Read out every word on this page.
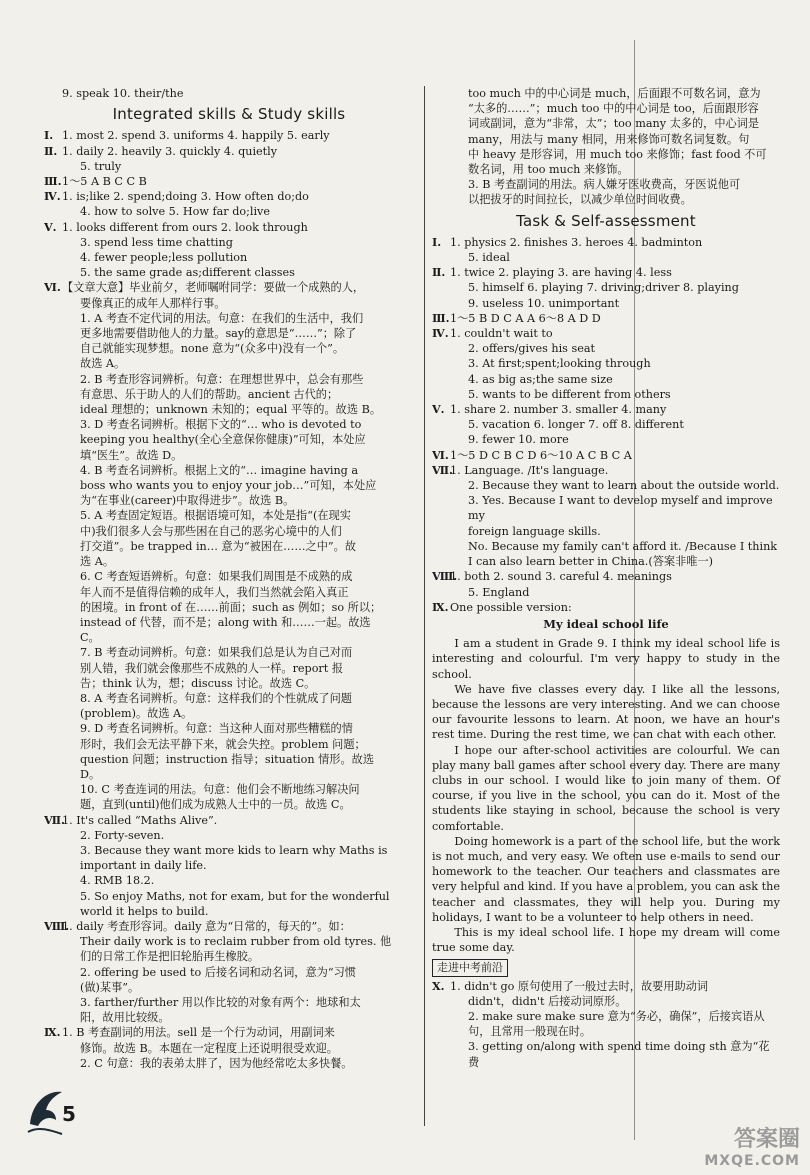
9. speak 10. their/the
Integrated skills & Study skills
Ⅰ. 1. most 2. spend 3. uniforms 4. happily 5. early
Ⅱ. 1. daily 2. heavily 3. quickly 4. quietly
5. truly
Ⅲ. 1～5 A B C C B
Ⅳ. 1. is;like 2. spend;doing 3. How often do;do
4. how to solve 5. How far do;live
Ⅴ. 1. looks different from ours 2. look through
3. spend less time chatting
4. fewer people;less pollution
5. the same grade as;different classes
Ⅵ. 【文章大意】毕业前夕，老师嘱咐同学：要做一个成熟的人，
要像真正的成年人那样行事。
1. A 考查不定代词的用法。句意：在我们的生活中，我们
更多地需要借助他人的力量。say的意思是“……”；除了
自己就能实现梦想。none 意为“(众多中)没有一个”。
故选 A。
2. B 考查形容词辨析。句意：在理想世界中，总会有那些
有意思、乐于助人的人们的帮助。ancient 古代的；
ideal 理想的；unknown 未知的；equal 平等的。故选 B。
3. D 考查名词辨析。根据下文的“… who is devoted to
keeping you healthy(全心全意保你健康)”可知，本处应
填“医生”。故选 D。
4. B 考查名词辨析。根据上文的“… imagine having a
boss who wants you to enjoy your job…”可知，本处应
为“在事业(career)中取得进步”。故选 B。
5. A 考查固定短语。根据语境可知，本处是指“(在现实
中)我们很多人会与那些困在自己的恶劣心境中的人们
打交道”。be trapped in… 意为“被困在……之中”。故
选 A。
6. C 考查短语辨析。句意：如果我们周围是不成熟的成
年人而不是值得信赖的成年人，我们当然就会陷入真正
的困境。in front of 在……前面；such as 例如；so 所以；
instead of 代替，而不是；along with 和……一起。故选
C。
7. B 考查动词辨析。句意：如果我们总是认为自己对而
别人错，我们就会像那些不成熟的人一样。report 报
告；think 认为，想；discuss 讨论。故选 C。
8. A 考查名词辨析。句意：这样我们的个性就成了问题
(problem)。故选 A。
9. D 考查名词辨析。句意：当这种人面对那些糟糕的情
形时，我们会无法平静下来，就会失控。problem 问题；
question 问题；instruction 指导；situation 情形。故选
D。
10. C 考查连词的用法。句意：他们会不断地练习解决问
题，直到(until)他们成为成熟人士中的一员。故选 C。
Ⅶ.
1. It's called “Maths Alive”.
2. Forty-seven.
3. Because they want more kids to learn why Maths is
important in daily life.
4. RMB 18.2.
5. So enjoy Maths, not for exam, but for the wonderful
world it helps to build.
Ⅷ.
1. daily 考查形容词。daily 意为“日常的，每天的”。如：
Their daily work is to reclaim rubber from old tyres. 他
们的日常工作是把旧轮胎再生橡胶。
2. offering be used to 后接名词和动名词，意为“习惯
(做)某事”。
3. farther/further 用以作比较的对象有两个：地球和太
阳，故用比较级。
Ⅸ. 1. B 考查副词的用法。sell 是一个行为动词，用副词来
修饰。故选 B。本题在一定程度上还说明很受欢迎。
2. C 句意：我的表弟太胖了，因为他经常吃太多快餐。
too much 中的中心词是 much，后面跟不可数名词，意为
“太多的……”；much too 中的中心词是 too，后面跟形容
词或副词，意为“非常，太”；too many 太多的，中心词是
many，用法与 many 相同，用来修饰可数名词复数。句
中 heavy 是形容词，用 much too 来修饰；fast food 不可
数名词，用 too much 来修饰。
3. B 考查副词的用法。病人嫌牙医收费高，牙医说他可
以把拔牙的时间拉长，以减少单位时间收费。
Task & Self-assessment
Ⅰ. 1. physics 2. finishes 3. heroes 4. badminton
5. ideal
Ⅱ. 1. twice 2. playing 3. are having 4. less
5. himself 6. playing 7. driving;driver 8. playing
9. useless 10. unimportant
Ⅲ. 1～5 B D C A A 6～8 A D D
Ⅳ. 1. couldn't wait to
2. offers/gives his seat
3. At first;spent;looking through
4. as big as;the same size
5. wants to be different from others
Ⅴ. 1. share 2. number 3. smaller 4. many
5. vacation 6. longer 7. off 8. different
9. fewer 10. more
Ⅵ. 1～5 D C B C D 6～10 A C B C A
Ⅶ.
1. Language. /It's language.
2. Because they want to learn about the outside world.
3. Yes. Because I want to develop myself and improve my
foreign language skills.
No. Because my family can't afford it. /Because I think
I can also learn better in China.(答案非唯一)
Ⅷ.
1. both 2. sound 3. careful 4. meanings
5. England
Ⅸ. One possible version:
My ideal school life

I am a student in Grade 9. I think my ideal school life is interesting and colourful. I'm very happy to study in the school.

We have five classes every day. I like all the lessons, because the lessons are very interesting. And we can choose our favourite lessons to learn. At noon, we have an hour's rest time. During the rest time, we can chat with each other.

I hope our after-school activities are colourful. We can play many ball games after school every day. There are many clubs in our school. I would like to join many of them. Of course, if you live in the school, you can do it. Most of the students like staying in school, because the school is very comfortable.

Doing homework is a part of the school life, but the work is not much, and very easy. We often use e-mails to send our homework to the teacher. Our teachers and classmates are very helpful and kind. If you have a problem, you can ask the teacher and classmates, they will help you. During my holidays, I want to be a volunteer to help others in need.

This is my ideal school life. I hope my dream will come true some day.

走进中考前沿
Ⅹ. 1. didn't go 原句使用了一般过去时，故要用助动词
didn't，didn't 后接动词原形。
2. make sure make sure 意为“务必，确保”，后接宾语从
句，且常用一般现在时。
3. getting on/along with spend time doing sth 意为“花费
5
答案圈
MXQE.COM
